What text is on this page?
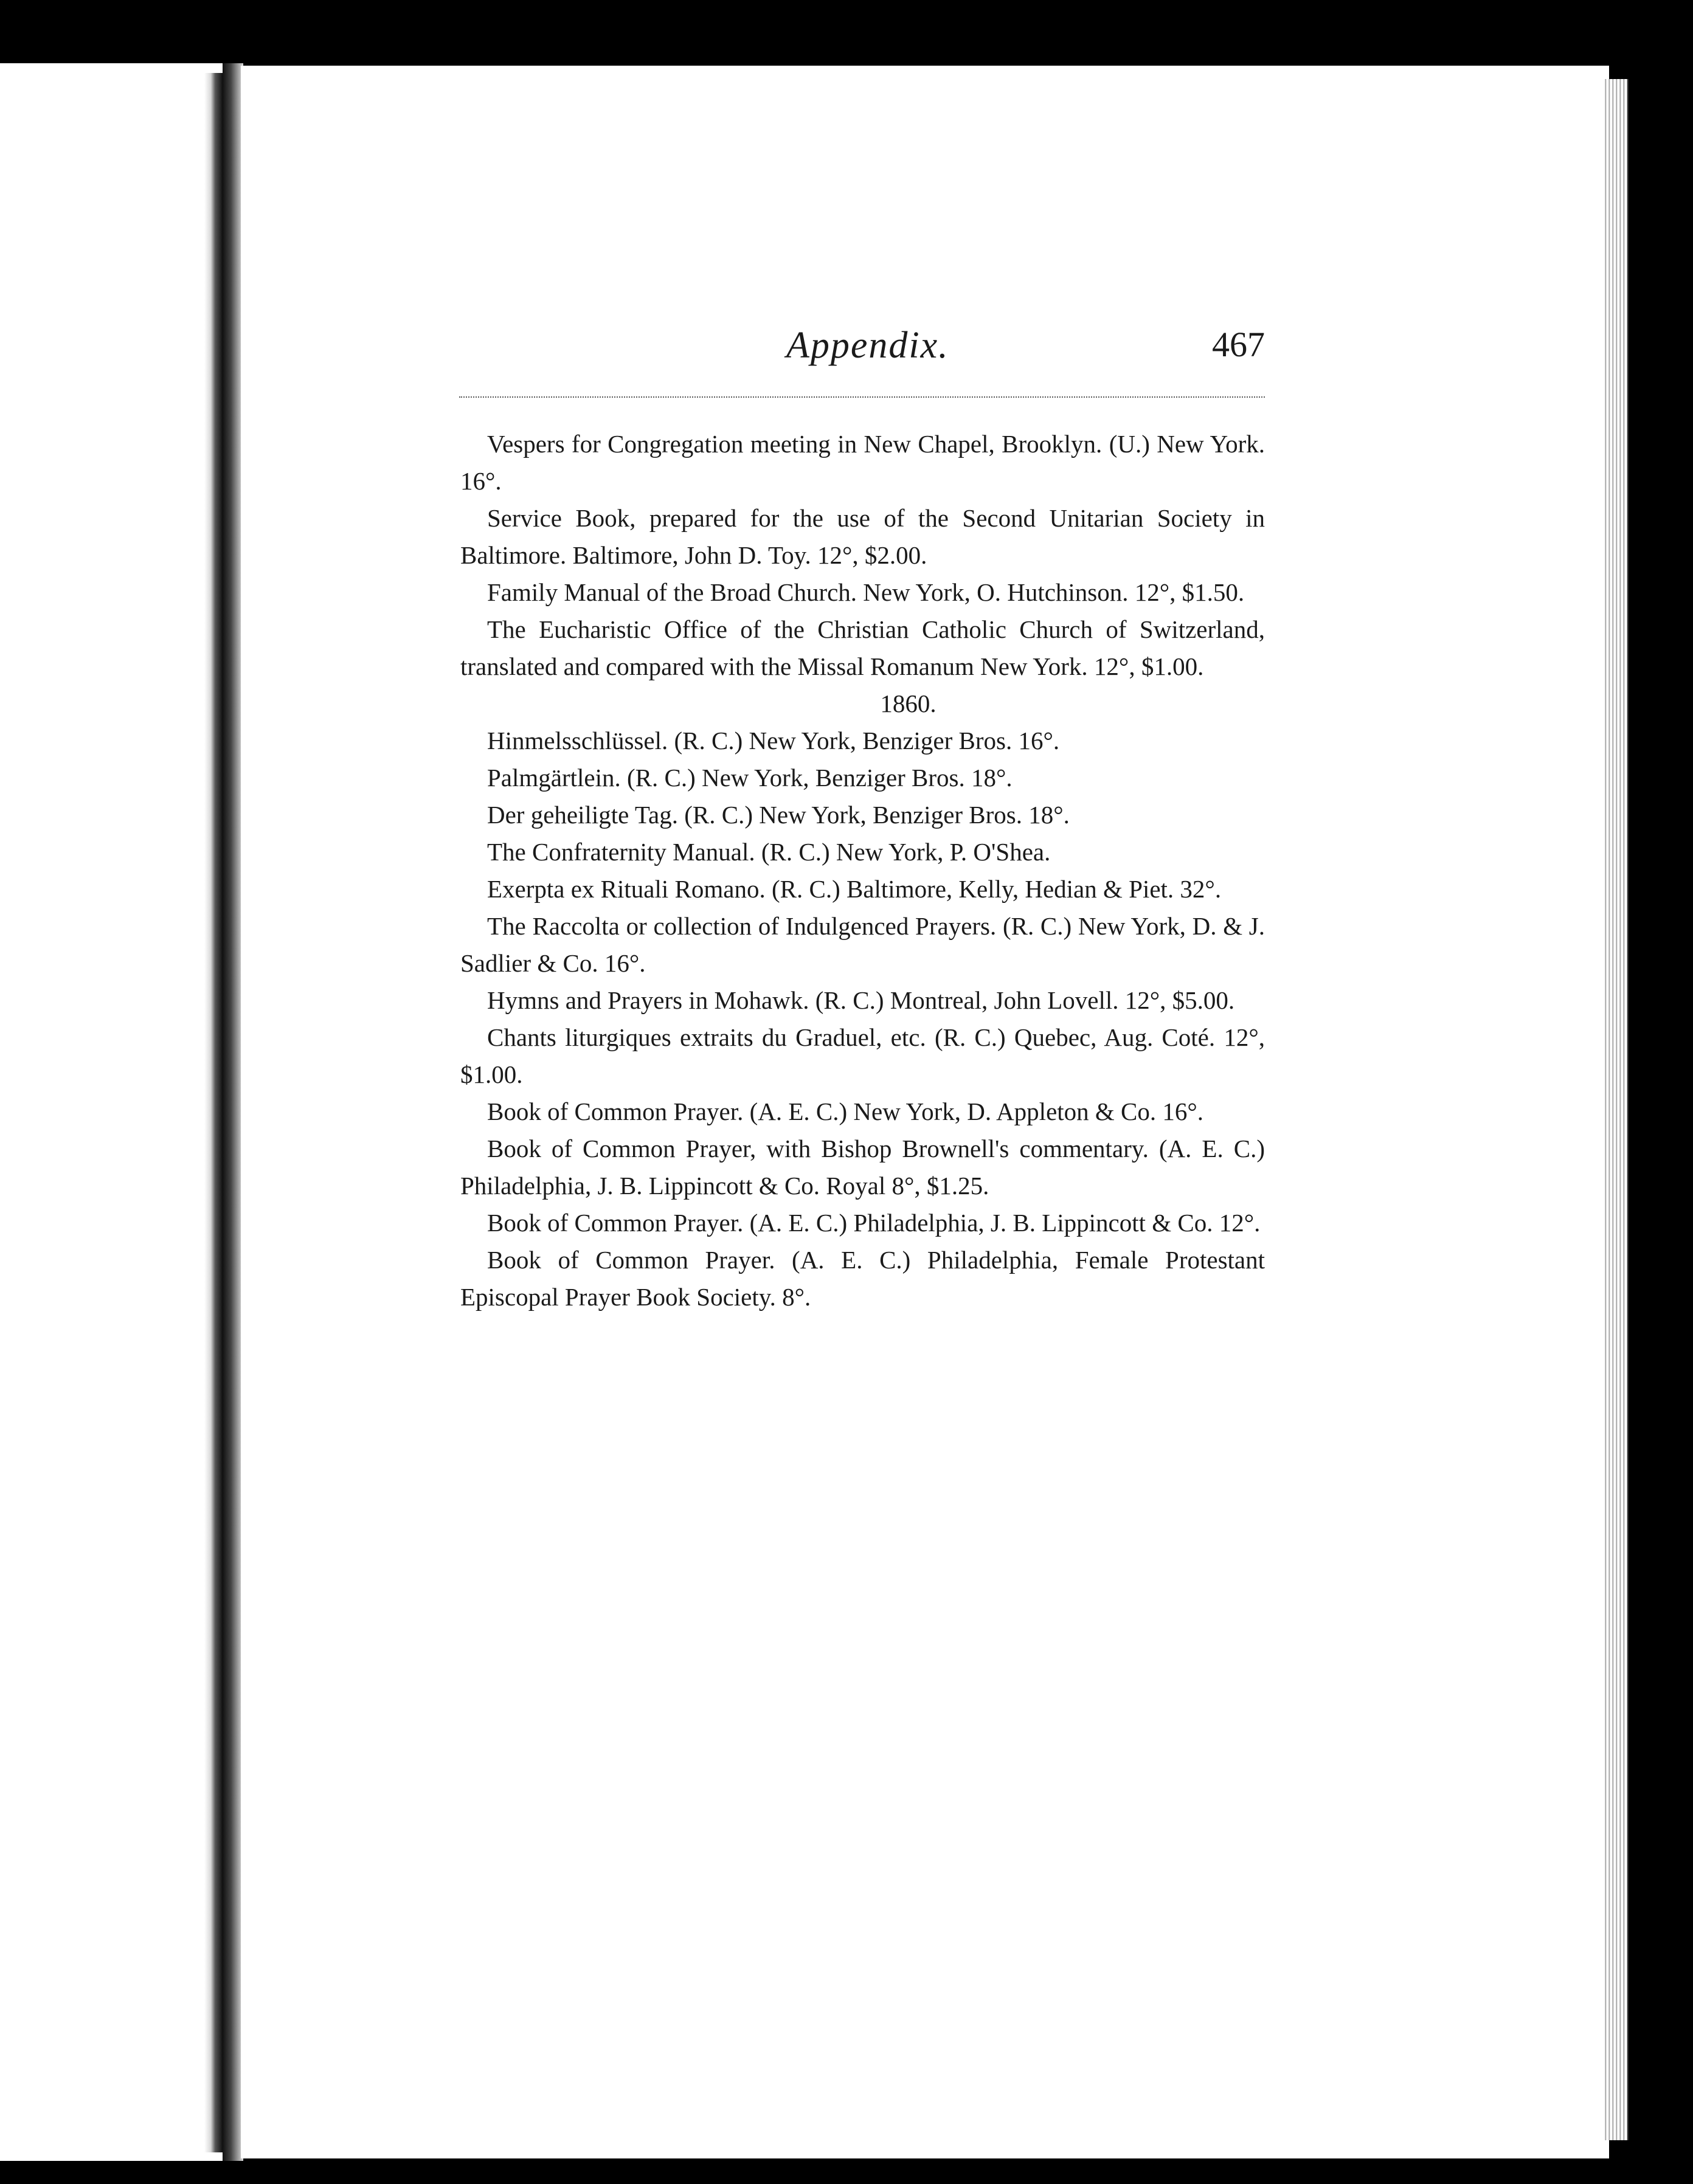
Appendix.	467

Vespers for Congregation meeting in New Chapel, Brooklyn. (U.) New York. 16°.

Service Book, prepared for the use of the Second Unitarian Society in Baltimore. Baltimore, John D. Toy. 12°, $2.00.

Family Manual of the Broad Church. New York, O. Hutchinson. 12°, $1.50.

The Eucharistic Office of the Christian Catholic Church of Switzerland, translated and compared with the Missal Romanum New York. 12°, $1.00.

1860.

Hinmelsschlüssel. (R. C.) New York, Benziger Bros. 16°.

Palmgärtlein. (R. C.) New York, Benziger Bros. 18°.

Der geheiligte Tag. (R. C.) New York, Benziger Bros. 18°.

The Confraternity Manual. (R. C.) New York, P. O'Shea.

Exerpta ex Rituali Romano. (R. C.) Baltimore, Kelly, Hedian & Piet. 32°.

The Raccolta or collection of Indulgenced Prayers. (R. C.) New York, D. & J. Sadlier & Co. 16°.

Hymns and Prayers in Mohawk. (R. C.) Montreal, John Lovell. 12°, $5.00.

Chants liturgiques extraits du Graduel, etc. (R. C.) Quebec, Aug. Coté. 12°, $1.00.

Book of Common Prayer. (A. E. C.) New York, D. Appleton & Co. 16°.

Book of Common Prayer, with Bishop Brownell's commentary. (A. E. C.) Philadelphia, J. B. Lippincott & Co. Royal 8°, $1.25.

Book of Common Prayer. (A. E. C.) Philadelphia, J. B. Lippincott & Co. 12°.

Book of Common Prayer. (A. E. C.) Philadelphia, Female Protestant Episcopal Prayer Book Society. 8°.
